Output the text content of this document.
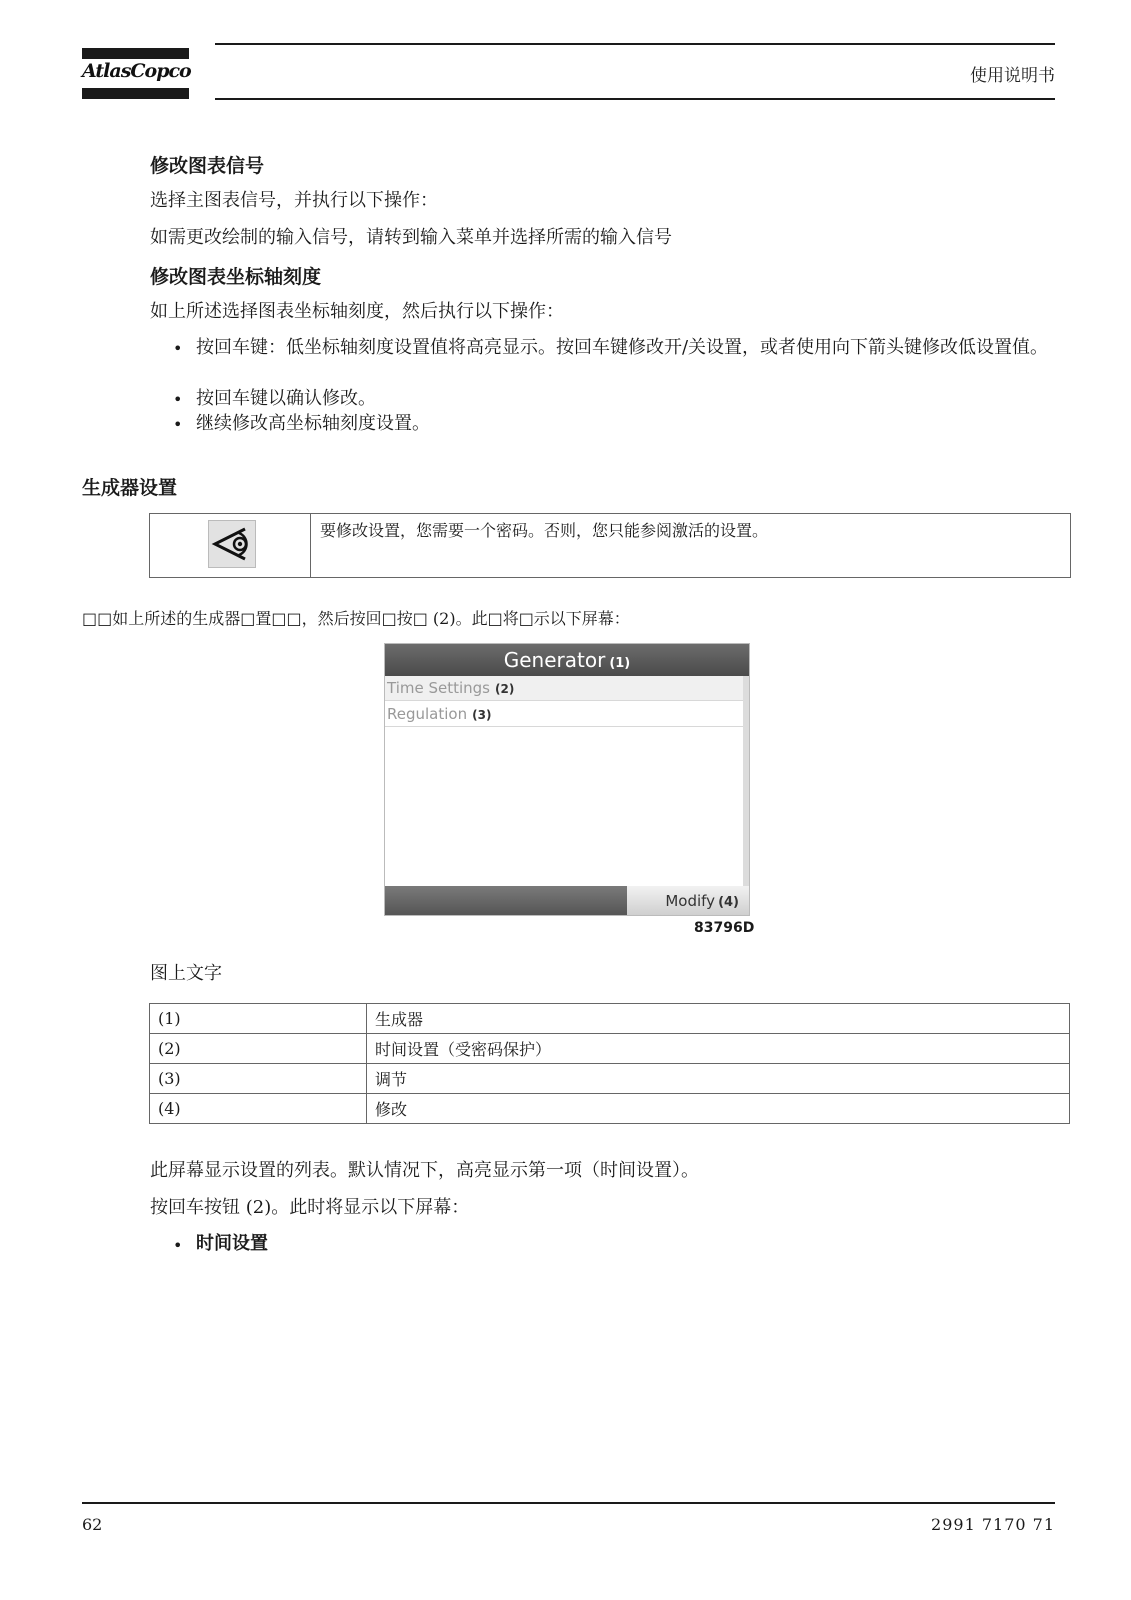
AtlasCopco	使用说明书
修改图表信号
选择主图表信号，并执行以下操作：
如需更改绘制的输入信号，请转到输入菜单并选择所需的输入信号
修改图表坐标轴刻度
如上所述选择图表坐标轴刻度，然后执行以下操作：
• 按回车键：低坐标轴刻度设置值将高亮显示。按回车键修改开/关设置，或者使用向下箭头键修改低设置值。
• 按回车键以确认修改。
• 继续修改高坐标轴刻度设置。
生成器设置
要修改设置，您需要一个密码。否则，您只能参阅激活的设置。
□□如上所述的生成器□置□□，然后按回□按□ (2)。此□将□示以下屏幕：
Generator (1)
Time Settings (2)
Regulation (3)
Modify (4)
83796D
图上文字
(1)	生成器
(2)	时间设置（受密码保护）
(3)	调节
(4)	修改
此屏幕显示设置的列表。默认情况下，高亮显示第一项（时间设置）。
按回车按钮 (2)。此时将显示以下屏幕：
• 时间设置
62	2991 7170 71
